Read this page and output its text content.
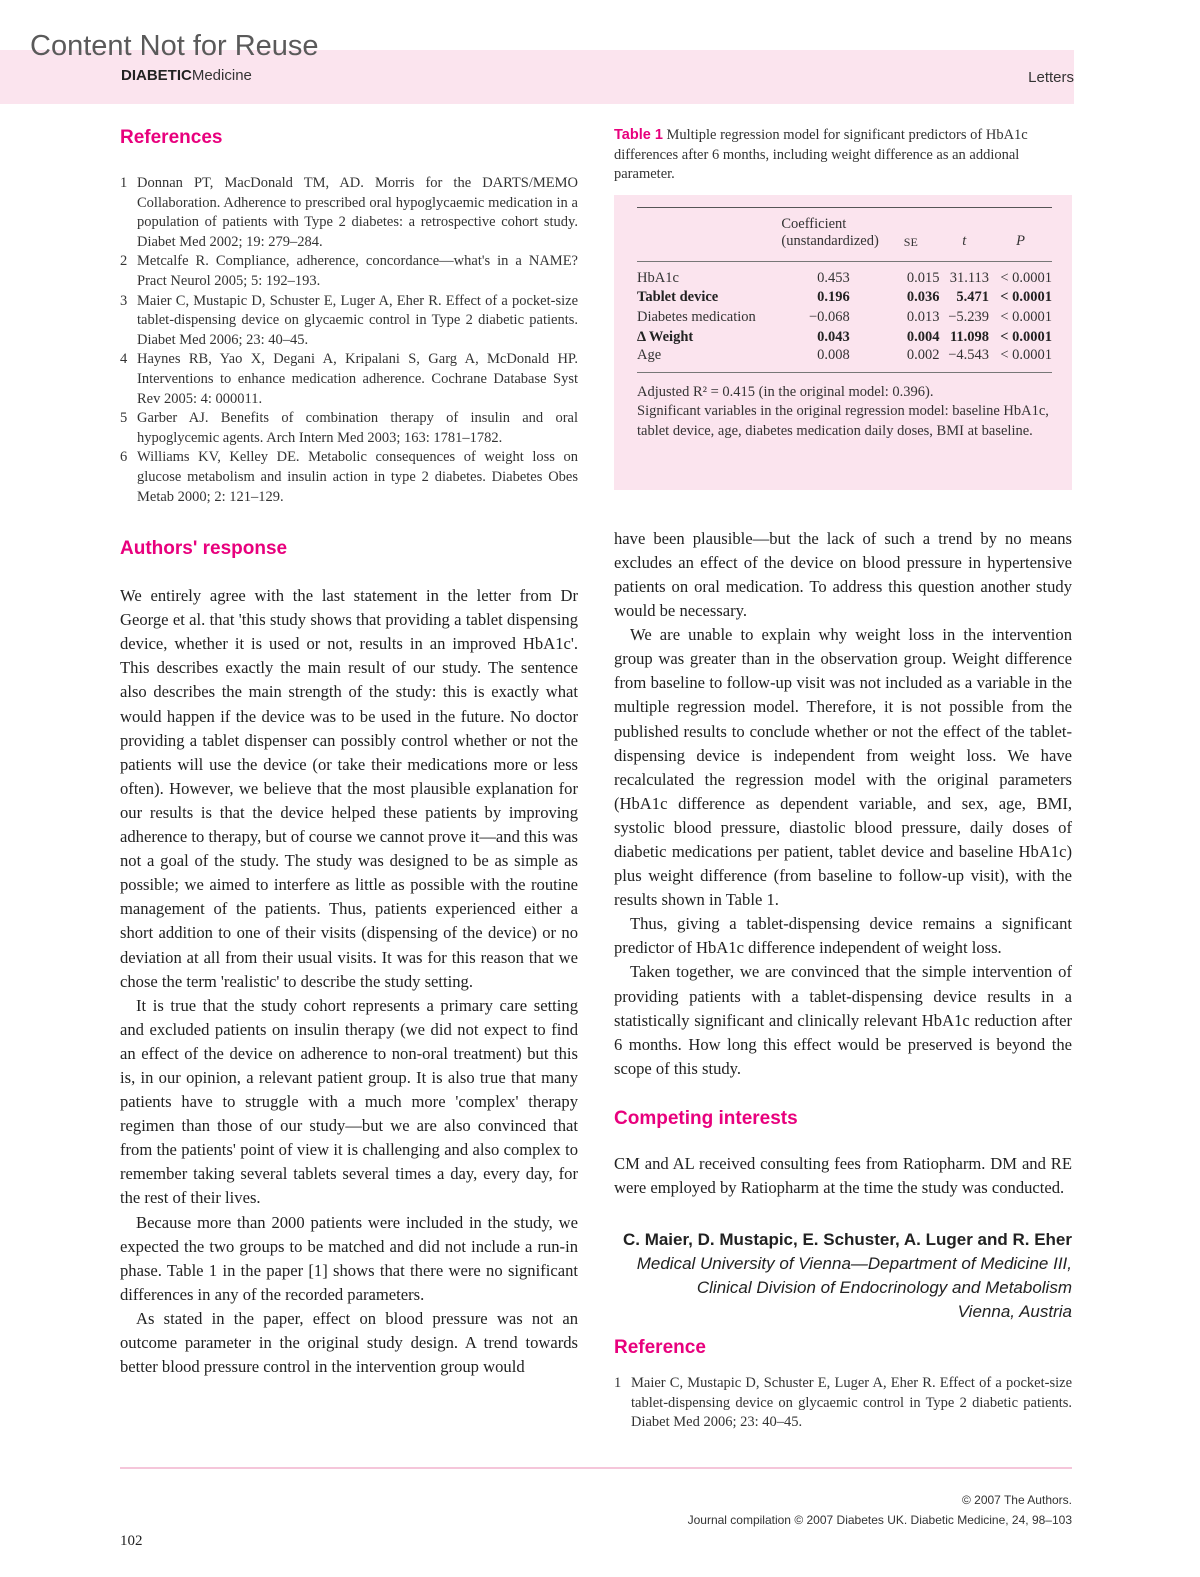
Content Not for Reuse
DIABETICMedicine	Letters
References
1 Donnan PT, MacDonald TM, AD. Morris for the DARTS/MEMO Collaboration. Adherence to prescribed oral hypoglycaemic medication in a population of patients with Type 2 diabetes: a retrospective cohort study. Diabet Med 2002; 19: 279–284.
2 Metcalfe R. Compliance, adherence, concordance—what's in a NAME? Pract Neurol 2005; 5: 192–193.
3 Maier C, Mustapic D, Schuster E, Luger A, Eher R. Effect of a pocket-size tablet-dispensing device on glycaemic control in Type 2 diabetic patients. Diabet Med 2006; 23: 40–45.
4 Haynes RB, Yao X, Degani A, Kripalani S, Garg A, McDonald HP. Interventions to enhance medication adherence. Cochrane Database Syst Rev 2005: 4: 000011.
5 Garber AJ. Benefits of combination therapy of insulin and oral hypoglycemic agents. Arch Intern Med 2003; 163: 1781–1782.
6 Williams KV, Kelley DE. Metabolic consequences of weight loss on glucose metabolism and insulin action in type 2 diabetes. Diabetes Obes Metab 2000; 2: 121–129.
Authors' response

We entirely agree with the last statement in the letter from Dr George et al. that 'this study shows that providing a tablet dispensing device, whether it is used or not, results in an improved HbA1c'. This describes exactly the main result of our study. The sentence also describes the main strength of the study: this is exactly what would happen if the device was to be used in the future. No doctor providing a tablet dispenser can possibly control whether or not the patients will use the device (or take their medications more or less often). However, we believe that the most plausible explanation for our results is that the device helped these patients by improving adherence to therapy, but of course we cannot prove it—and this was not a goal of the study. The study was designed to be as simple as possible; we aimed to interfere as little as possible with the routine management of the patients. Thus, patients experienced either a short addition to one of their visits (dispensing of the device) or no deviation at all from their usual visits. It was for this reason that we chose the term 'realistic' to describe the study setting.

It is true that the study cohort represents a primary care setting and excluded patients on insulin therapy (we did not expect to find an effect of the device on adherence to non-oral treatment) but this is, in our opinion, a relevant patient group. It is also true that many patients have to struggle with a much more 'complex' therapy regimen than those of our study—but we are also convinced that from the patients' point of view it is challenging and also complex to remember taking several tablets several times a day, every day, for the rest of their lives.

Because more than 2000 patients were included in the study, we expected the two groups to be matched and did not include a run-in phase. Table 1 in the paper [1] shows that there were no significant differences in any of the recorded parameters.

As stated in the paper, effect on blood pressure was not an outcome parameter in the original study design. A trend towards better blood pressure control in the intervention group would

Table 1 Multiple regression model for significant predictors of HbA1c differences after 6 months, including weight difference as an addional parameter.

	Coefficient
(unstandardized)	SE	t	P

HbA1c	0.453	0.015	31.113	< 0.0001
Tablet device	0.196	0.036	5.471	< 0.0001
Diabetes medication	−0.068	0.013	−5.239	< 0.0001
Δ Weight	0.043	0.004	11.098	< 0.0001
Age	0.008	0.002	−4.543	< 0.0001

Adjusted R² = 0.415 (in the original model: 0.396).
Significant variables in the original regression model: baseline HbA1c, tablet device, age, diabetes medication daily doses, BMI at baseline.

have been plausible—but the lack of such a trend by no means excludes an effect of the device on blood pressure in hypertensive patients on oral medication. To address this question another study would be necessary.

We are unable to explain why weight loss in the intervention group was greater than in the observation group. Weight difference from baseline to follow-up visit was not included as a variable in the multiple regression model. Therefore, it is not possible from the published results to conclude whether or not the effect of the tablet-dispensing device is independent from weight loss. We have recalculated the regression model with the original parameters (HbA1c difference as dependent variable, and sex, age, BMI, systolic blood pressure, diastolic blood pressure, daily doses of diabetic medications per patient, tablet device and baseline HbA1c) plus weight difference (from baseline to follow-up visit), with the results shown in Table 1.

Thus, giving a tablet-dispensing device remains a significant predictor of HbA1c difference independent of weight loss.

Taken together, we are convinced that the simple intervention of providing patients with a tablet-dispensing device results in a statistically significant and clinically relevant HbA1c reduction after 6 months. How long this effect would be preserved is beyond the scope of this study.

Competing interests

CM and AL received consulting fees from Ratiopharm. DM and RE were employed by Ratiopharm at the time the study was conducted.

C. Maier, D. Mustapic, E. Schuster, A. Luger and R. Eher
Medical University of Vienna—Department of Medicine III, Clinical Division of Endocrinology and Metabolism
Vienna, Austria
Reference
1 Maier C, Mustapic D, Schuster E, Luger A, Eher R. Effect of a pocket-size tablet-dispensing device on glycaemic control in Type 2 diabetic patients. Diabet Med 2006; 23: 40–45.
102
© 2007 The Authors.
Journal compilation © 2007 Diabetes UK. Diabetic Medicine, 24, 98–103
